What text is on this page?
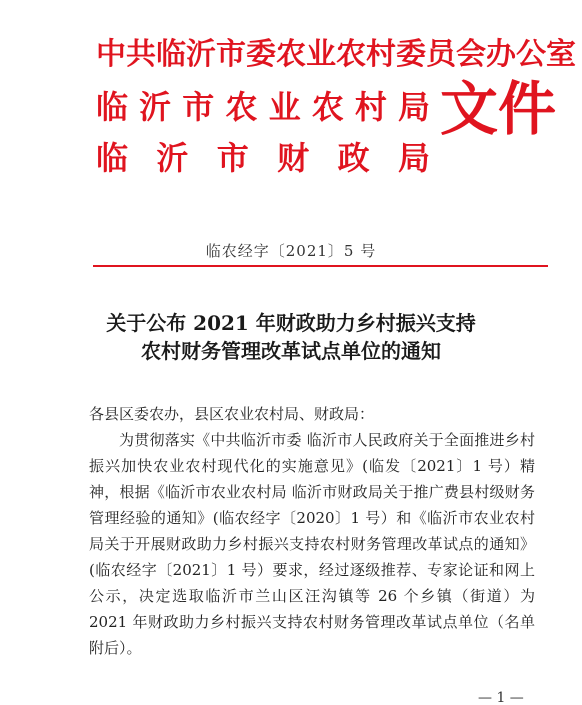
中 共 临 沂 市 委 农 业 农 村 委 员 会 办 公 室
临 沂 市 农 业 农 村 局
临 沂 市 财 政 局
文件
临农经字〔2021〕5 号
关于公布 2021 年财政助力乡村振兴支持
农村财务管理改革试点单位的通知

各县区委农办，县区农业农村局、财政局：

为贯彻落实《中共临沂市委 临沂市人民政府关于全面推进乡村振兴加快农业农村现代化的实施意见》(临发〔2021〕1 号）精神，根据《临沂市农业农村局 临沂市财政局关于推广费县村级财务管理经验的通知》(临农经字〔2020〕1 号）和《临沂市农业农村局关于开展财政助力乡村振兴支持农村财务管理改革试点的通知》(临农经字〔2021〕1 号）要求，经过逐级推荐、专家论证和网上公示，决定选取临沂市兰山区汪沟镇等 26 个乡镇（街道）为 2021 年财政助力乡村振兴支持农村财务管理改革试点单位（名单附后）。

— 1 —
